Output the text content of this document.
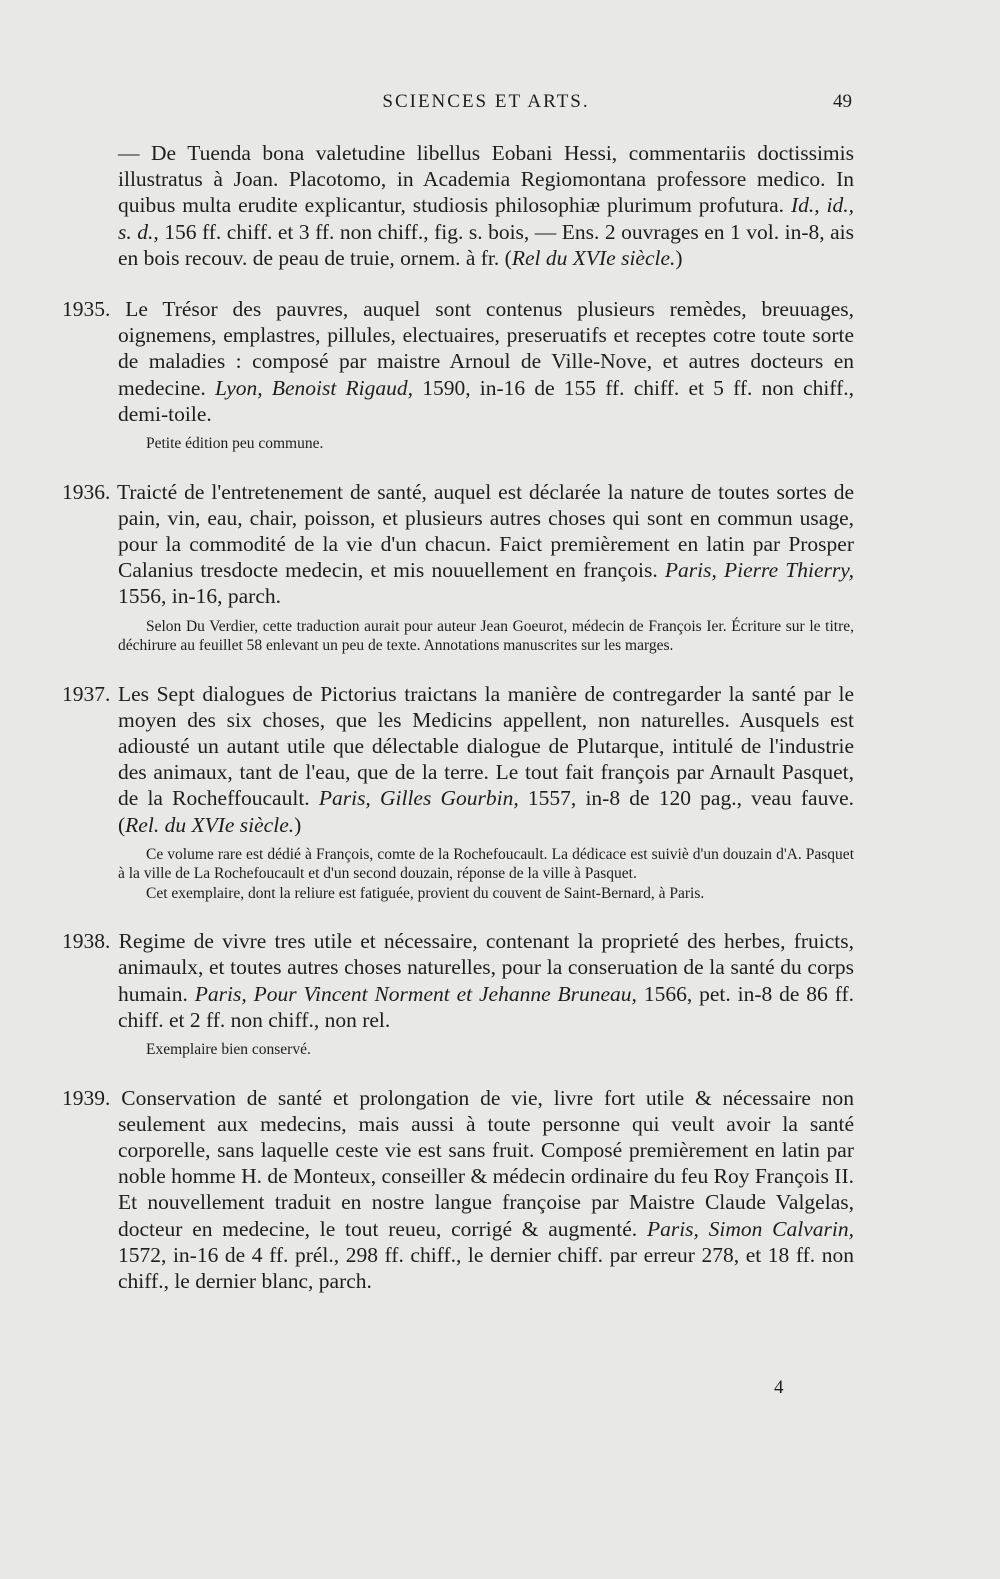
SCIENCES ET ARTS.	49

— De Tuenda bona valetudine libellus Eobani Hessi, commentariis doctissimis illustratus à Joan. Placotomo, in Academia Regiomontana professore medico. In quibus multa erudite explicantur, studiosis philosophiæ plurimum profutura. Id., id., s. d., 156 ff. chiff. et 3 ff. non chiff., fig. s. bois, — Ens. 2 ouvrages en 1 vol. in-8, ais en bois recouv. de peau de truie, ornem. à fr. (Rel du XVIe siècle.)

1935. Le Trésor des pauvres, auquel sont contenus plusieurs remèdes, breuuages, oignemens, emplastres, pillules, electuaires, preseruatifs et receptes cotre toute sorte de maladies : composé par maistre Arnoul de Ville-Nove, et autres docteurs en medecine. Lyon, Benoist Rigaud, 1590, in-16 de 155 ff. chiff. et 5 ff. non chiff., demi-toile.

Petite édition peu commune.

1936. Traicté de l'entretenement de santé, auquel est déclarée la nature de toutes sortes de pain, vin, eau, chair, poisson, et plusieurs autres choses qui sont en commun usage, pour la commodité de la vie d'un chacun. Faict premièrement en latin par Prosper Calanius tresdocte medecin, et mis nouuellement en françois. Paris, Pierre Thierry, 1556, in-16, parch.

Selon Du Verdier, cette traduction aurait pour auteur Jean Goeurot, médecin de François Ier. Écriture sur le titre, déchirure au feuillet 58 enlevant un peu de texte. Annotations manuscrites sur les marges.

1937. Les Sept dialogues de Pictorius traictans la manière de contregarder la santé par le moyen des six choses, que les Medicins appellent, non naturelles. Ausquels est adiousté un autant utile que délectable dialogue de Plutarque, intitulé de l'industrie des animaux, tant de l'eau, que de la terre. Le tout fait françois par Arnault Pasquet, de la Rocheffoucault. Paris, Gilles Gourbin, 1557, in-8 de 120 pag., veau fauve. (Rel. du XVIe siècle.)

Ce volume rare est dédié à François, comte de la Rochefoucault. La dédicace est suiviè d'un douzain d'A. Pasquet à la ville de La Rochefoucault et d'un second douzain, réponse de la ville à Pasquet.

Cet exemplaire, dont la reliure est fatiguée, provient du couvent de Saint-Bernard, à Paris.

1938. Regime de vivre tres utile et nécessaire, contenant la proprieté des herbes, fruicts, animaulx, et toutes autres choses naturelles, pour la conseruation de la santé du corps humain. Paris, Pour Vincent Norment et Jehanne Bruneau, 1566, pet. in-8 de 86 ff. chiff. et 2 ff. non chiff., non rel.

Exemplaire bien conservé.

1939. Conservation de santé et prolongation de vie, livre fort utile & nécessaire non seulement aux medecins, mais aussi à toute personne qui veult avoir la santé corporelle, sans laquelle ceste vie est sans fruit. Composé premièrement en latin par noble homme H. de Monteux, conseiller & médecin ordinaire du feu Roy François II. Et nouvellement traduit en nostre langue françoise par Maistre Claude Valgelas, docteur en medecine, le tout reueu, corrigé & augmenté. Paris, Simon Calvarin, 1572, in-16 de 4 ff. prél., 298 ff. chiff., le dernier chiff. par erreur 278, et 18 ff. non chiff., le dernier blanc, parch.

4
